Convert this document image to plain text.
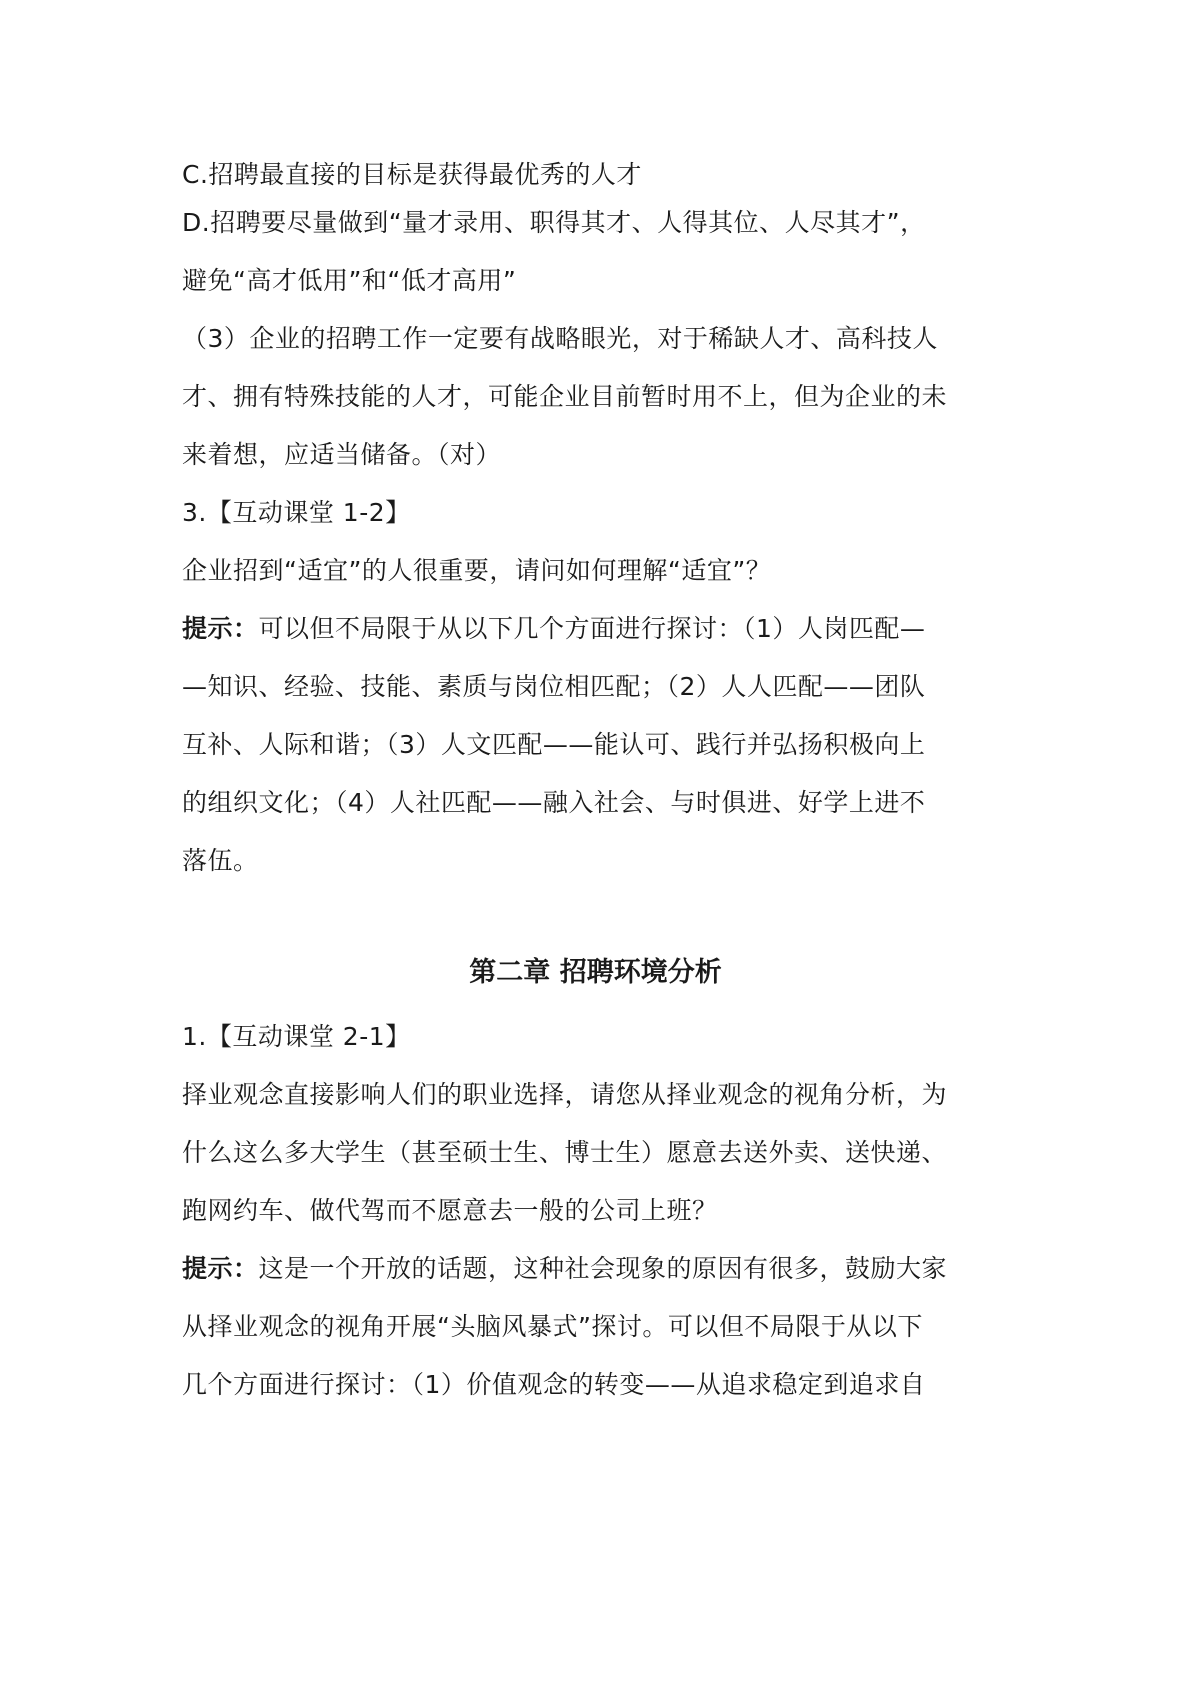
C.招聘最直接的目标是获得最优秀的人才
D.招聘要尽量做到“量才录用、职得其才、人得其位、人尽其才”，
避免“高才低用”和“低才高用”
（3）企业的招聘工作一定要有战略眼光，对于稀缺人才、高科技人
才、拥有特殊技能的人才，可能企业目前暂时用不上，但为企业的未
来着想，应适当储备。（对）
3.【互动课堂 1-2】
企业招到“适宜”的人很重要，请问如何理解“适宜”？
提示：可以但不局限于从以下几个方面进行探讨：（1）人岗匹配—
—知识、经验、技能、素质与岗位相匹配；（2）人人匹配——团队
互补、人际和谐；（3）人文匹配——能认可、践行并弘扬积极向上
的组织文化；（4）人社匹配——融入社会、与时俱进、好学上进不
落伍。
第二章 招聘环境分析
1.【互动课堂 2-1】
择业观念直接影响人们的职业选择，请您从择业观念的视角分析，为
什么这么多大学生（甚至硕士生、博士生）愿意去送外卖、送快递、
跑网约车、做代驾而不愿意去一般的公司上班？
提示：这是一个开放的话题，这种社会现象的原因有很多，鼓励大家
从择业观念的视角开展“头脑风暴式”探讨。可以但不局限于从以下
几个方面进行探讨：（1）价值观念的转变——从追求稳定到追求自
